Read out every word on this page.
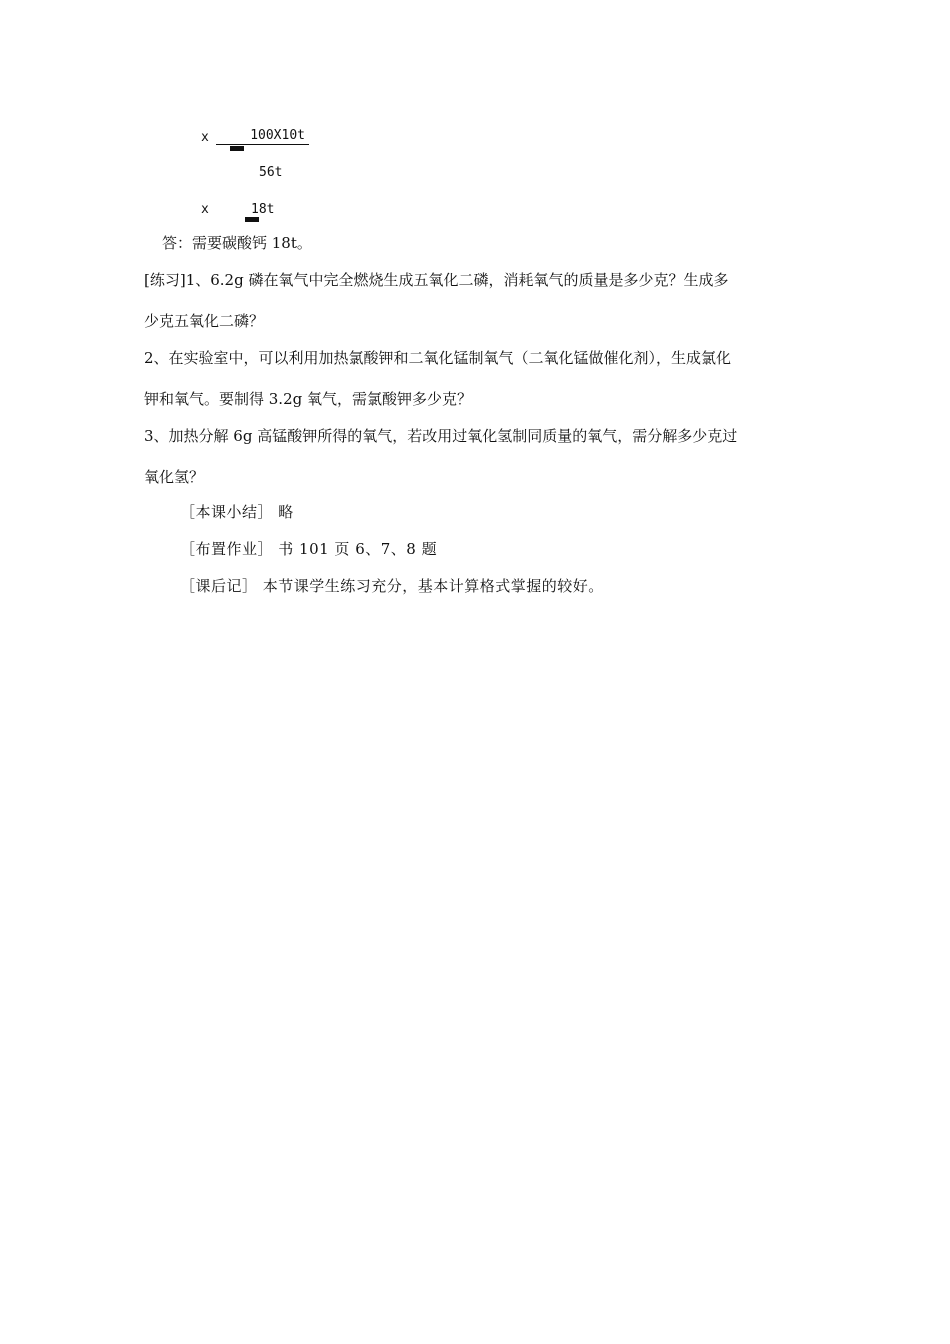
x	100X10t
56t
x	18t
答：需要碳酸钙 18t。
[练习]1、6.2g 磷在氧气中完全燃烧生成五氧化二磷，消耗氧气的质量是多少克？生成多
少克五氧化二磷？
2、在实验室中，可以利用加热氯酸钾和二氧化锰制氧气（二氧化锰做催化剂），生成氯化
钾和氧气。要制得 3.2g 氧气，需氯酸钾多少克？
3、加热分解 6g 高锰酸钾所得的氧气，若改用过氧化氢制同质量的氧气，需分解多少克过
氧化氢？
［本课小结］ 略
［布置作业］ 书 101 页 6、7、8 题
［课后记］ 本节课学生练习充分，基本计算格式掌握的较好。
